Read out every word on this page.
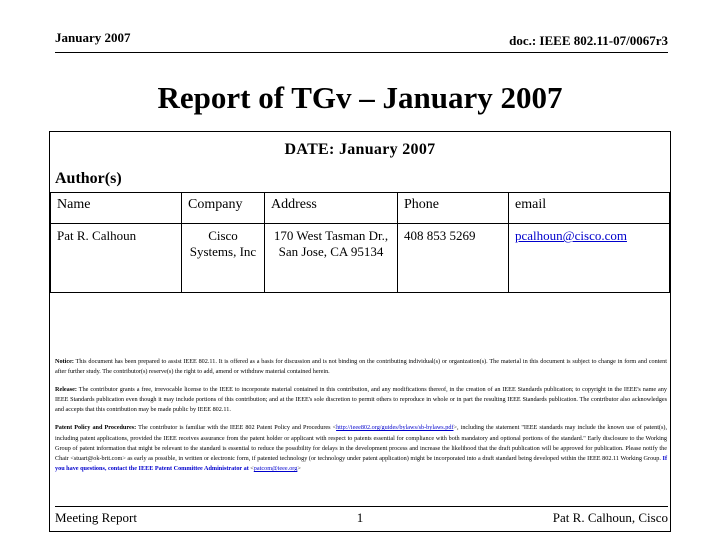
January 2007	doc.: IEEE 802.11-07/0067r3
Report of TGv – January 2007
DATE: January 2007
Author(s)
Name	Company	Address	Phone	email
Pat R. Calhoun	Cisco Systems, Inc	170 West Tasman Dr., San Jose, CA 95134	408 853 5269	pcalhoun@cisco.com

Notice: This document has been prepared to assist IEEE 802.11. It is offered as a basis for discussion and is not binding on the contributing individual(s) or organization(s). The material in this document is subject to change in form and content after further study. The contributor(s) reserve(s) the right to add, amend or withdraw material contained herein.

Release: The contributor grants a free, irrevocable license to the IEEE to incorporate material contained in this contribution, and any modifications thereof, in the creation of an IEEE Standards publication; to copyright in the IEEE's name any IEEE Standards publication even though it may include portions of this contribution; and at the IEEE's sole discretion to permit others to reproduce in whole or in part the resulting IEEE Standards publication. The contributor also acknowledges and accepts that this contribution may be made public by IEEE 802.11.

Patent Policy and Procedures: The contributor is familiar with the IEEE 802 Patent Policy and Procedures <http://ieee802.org/guides/bylaws/sb-bylaws.pdf>, including the statement "IEEE standards may include the known use of patent(s), including patent applications, provided the IEEE receives assurance from the patent holder or applicant with respect to patents essential for compliance with both mandatory and optional portions of the standard." Early disclosure to the Working Group of patent information that might be relevant to the standard is essential to reduce the possibility for delays in the development process and increase the likelihood that the draft publication will be approved for publication. Please notify the Chair <stuart@ok-brit.com> as early as possible, in written or electronic form, if patented technology (or technology under patent application) might be incorporated into a draft standard being developed within the IEEE 802.11 Working Group. If you have questions, contact the IEEE Patent Committee Administrator at <patcom@ieee.org>

Meeting Report	1	Pat R. Calhoun, Cisco
